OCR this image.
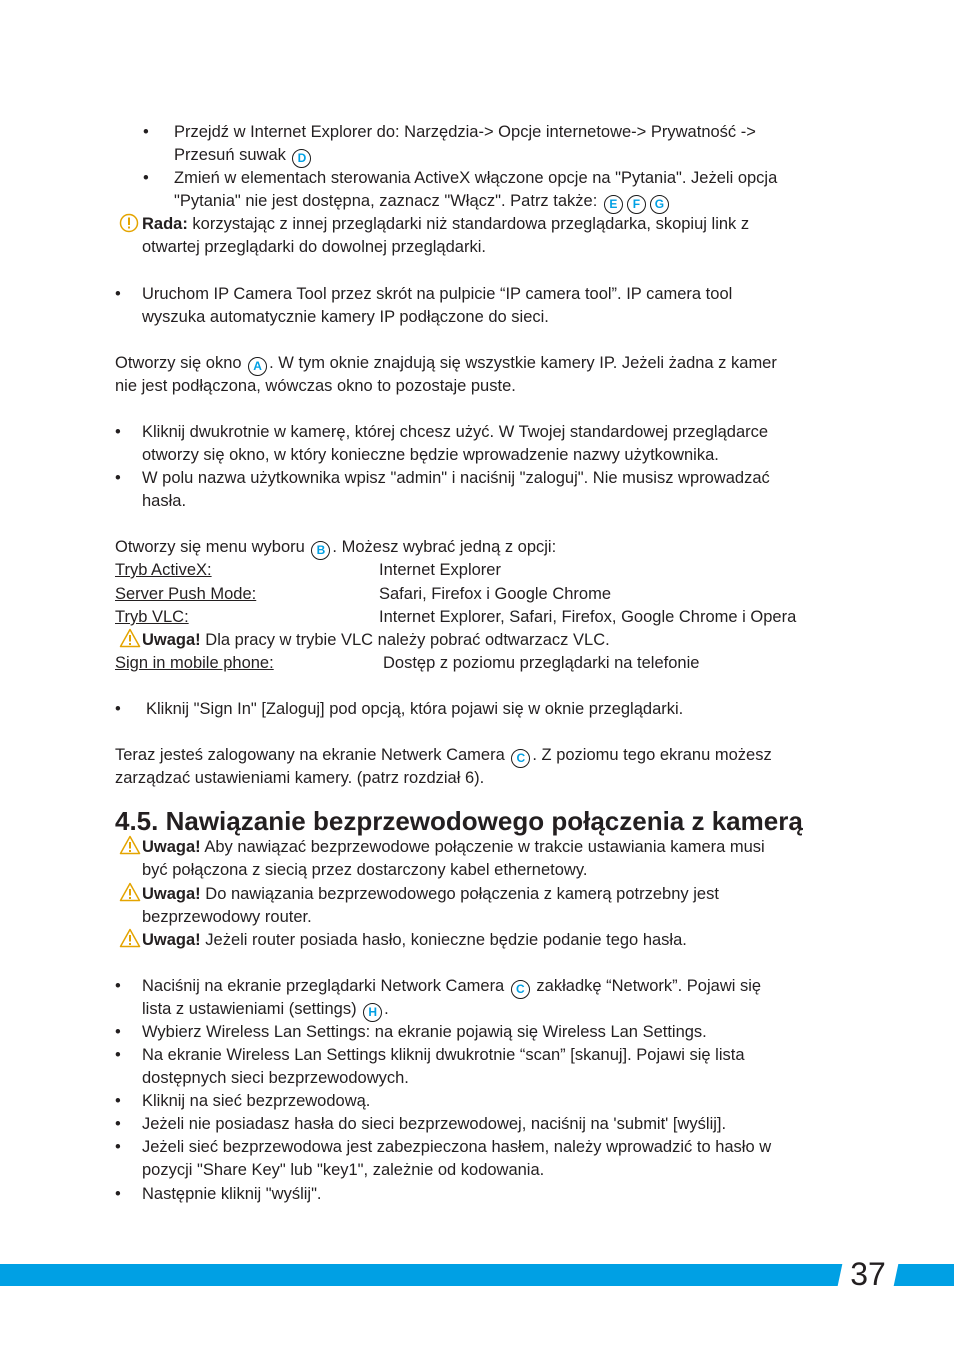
• Przejdź w Internet Explorer do: Narzędzia-> Opcje internetowe-> Prywatność ->
Przesuń suwak D
• Zmień w elementach sterowania ActiveX włączone opcje na "Pytania". Jeżeli opcja
"Pytania" nie jest dostępna, zaznacz "Włącz". Patrz także: E F G
Rada: korzystając z innej przeglądarki niż standardowa przeglądarka, skopiuj link z
otwartej przeglądarki do dowolnej przeglądarki.
• Uruchom IP Camera Tool przez skrót na pulpicie “IP camera tool”. IP camera tool
wyszuka automatycznie kamery IP podłączone do sieci.
Otworzy się okno A . W tym oknie znajdują się wszystkie kamery IP. Jeżeli żadna z kamer
nie jest podłączona, wówczas okno to pozostaje puste.
• Kliknij dwukrotnie w kamerę, której chcesz użyć. W Twojej standardowej przeglądarce
otworzy się okno, w który konieczne będzie wprowadzenie nazwy użytkownika.
• W polu nazwa użytkownika wpisz "admin" i naciśnij "zaloguj". Nie musisz wprowadzać
hasła.
Otworzy się menu wyboru B . Możesz wybrać jedną z opcji:
Tryb ActiveX:	Internet Explorer
Server Push Mode:	Safari, Firefox i Google Chrome
Tryb VLC:	Internet Explorer, Safari, Firefox, Google Chrome i Opera
Uwaga! Dla pracy w trybie VLC należy pobrać odtwarzacz VLC.
Sign in mobile phone:	Dostęp z poziomu przeglądarki na telefonie
• Kliknij "Sign In" [Zaloguj] pod opcją, która pojawi się w oknie przeglądarki.
Teraz jesteś zalogowany na ekranie Netwerk Camera C . Z poziomu tego ekranu możesz
zarządzać ustawieniami kamery. (patrz rozdział 6).
4.5. Nawiązanie bezprzewodowego połączenia z kamerą
Uwaga! Aby nawiązać bezprzewodowe połączenie w trakcie ustawiania kamera musi
być połączona z siecią przez dostarczony kabel ethernetowy.
Uwaga! Do nawiązania bezprzewodowego połączenia z kamerą potrzebny jest
bezprzewodowy router.
Uwaga! Jeżeli router posiada hasło, konieczne będzie podanie tego hasła.
• Naciśnij na ekranie przeglądarki Network Camera C zakładkę “Network”. Pojawi się
lista z ustawieniami (settings) H .
• Wybierz Wireless Lan Settings: na ekranie pojawią się Wireless Lan Settings.
• Na ekranie Wireless Lan Settings kliknij dwukrotnie “scan” [skanuj]. Pojawi się lista
dostępnych sieci bezprzewodowych.
• Kliknij na sieć bezprzewodową.
• Jeżeli nie posiadasz hasła do sieci bezprzewodowej, naciśnij na 'submit' [wyślij].
• Jeżeli sieć bezprzewodowa jest zabezpieczona hasłem, należy wprowadzić to hasło w
pozycji "Share Key" lub "key1", zależnie od kodowania.
• Następnie kliknij "wyślij".
37
